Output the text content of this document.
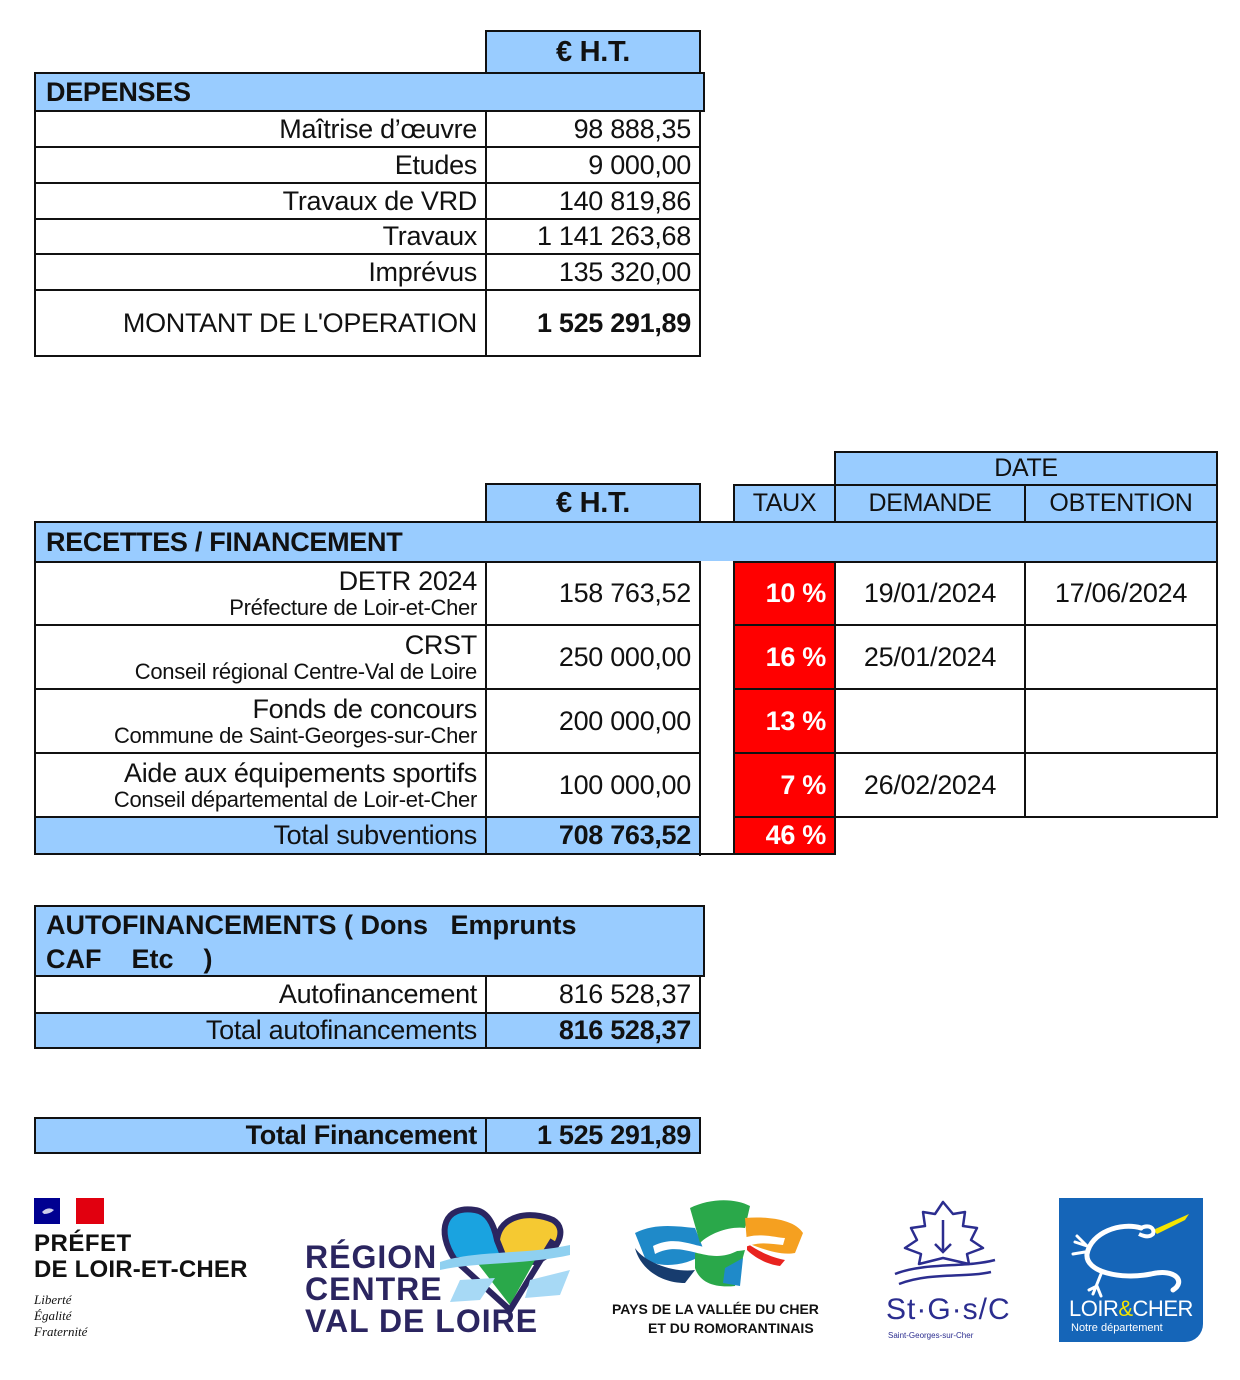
€ H.T.
DEPENSES
Maîtrise d’œuvre	98 888,35
Etudes	9 000,00
Travaux de VRD	140 819,86
Travaux	1 141 263,68
Imprévus	135 320,00
MONTANT DE L'OPERATION	1 525 291,89
DATE
€ H.T.	TAUX	DEMANDE	OBTENTION
RECETTES / FINANCEMENT
DETR 2024
Préfecture de Loir-et-Cher	158 763,52	10 %	19/01/2024	17/06/2024
CRST
Conseil régional Centre-Val de Loire	250 000,00	16 %	25/01/2024
Fonds de concours
Commune de Saint-Georges-sur-Cher	200 000,00	13 %
Aide aux équipements sportifs
Conseil départemental de Loir-et-Cher	100 000,00	7 %	26/02/2024
Total subventions	708 763,52	46 %
AUTOFINANCEMENTS ( Dons   Emprunts
CAF    Etc    )
Autofinancement	816 528,37
Total autofinancements	816 528,37
Total Financement	1 525 291,89
PRÉFET
DE LOIR-ET-CHER
Liberté
Égalité
Fraternité
RÉGION
CENTRE
VAL DE LOIRE	PAYS DE LA VALLÉE DU CHER
ET DU ROMORANTINAIS
St·G·s/C
Saint-Georges-sur-Cher
LOIR&CHER
Notre département
